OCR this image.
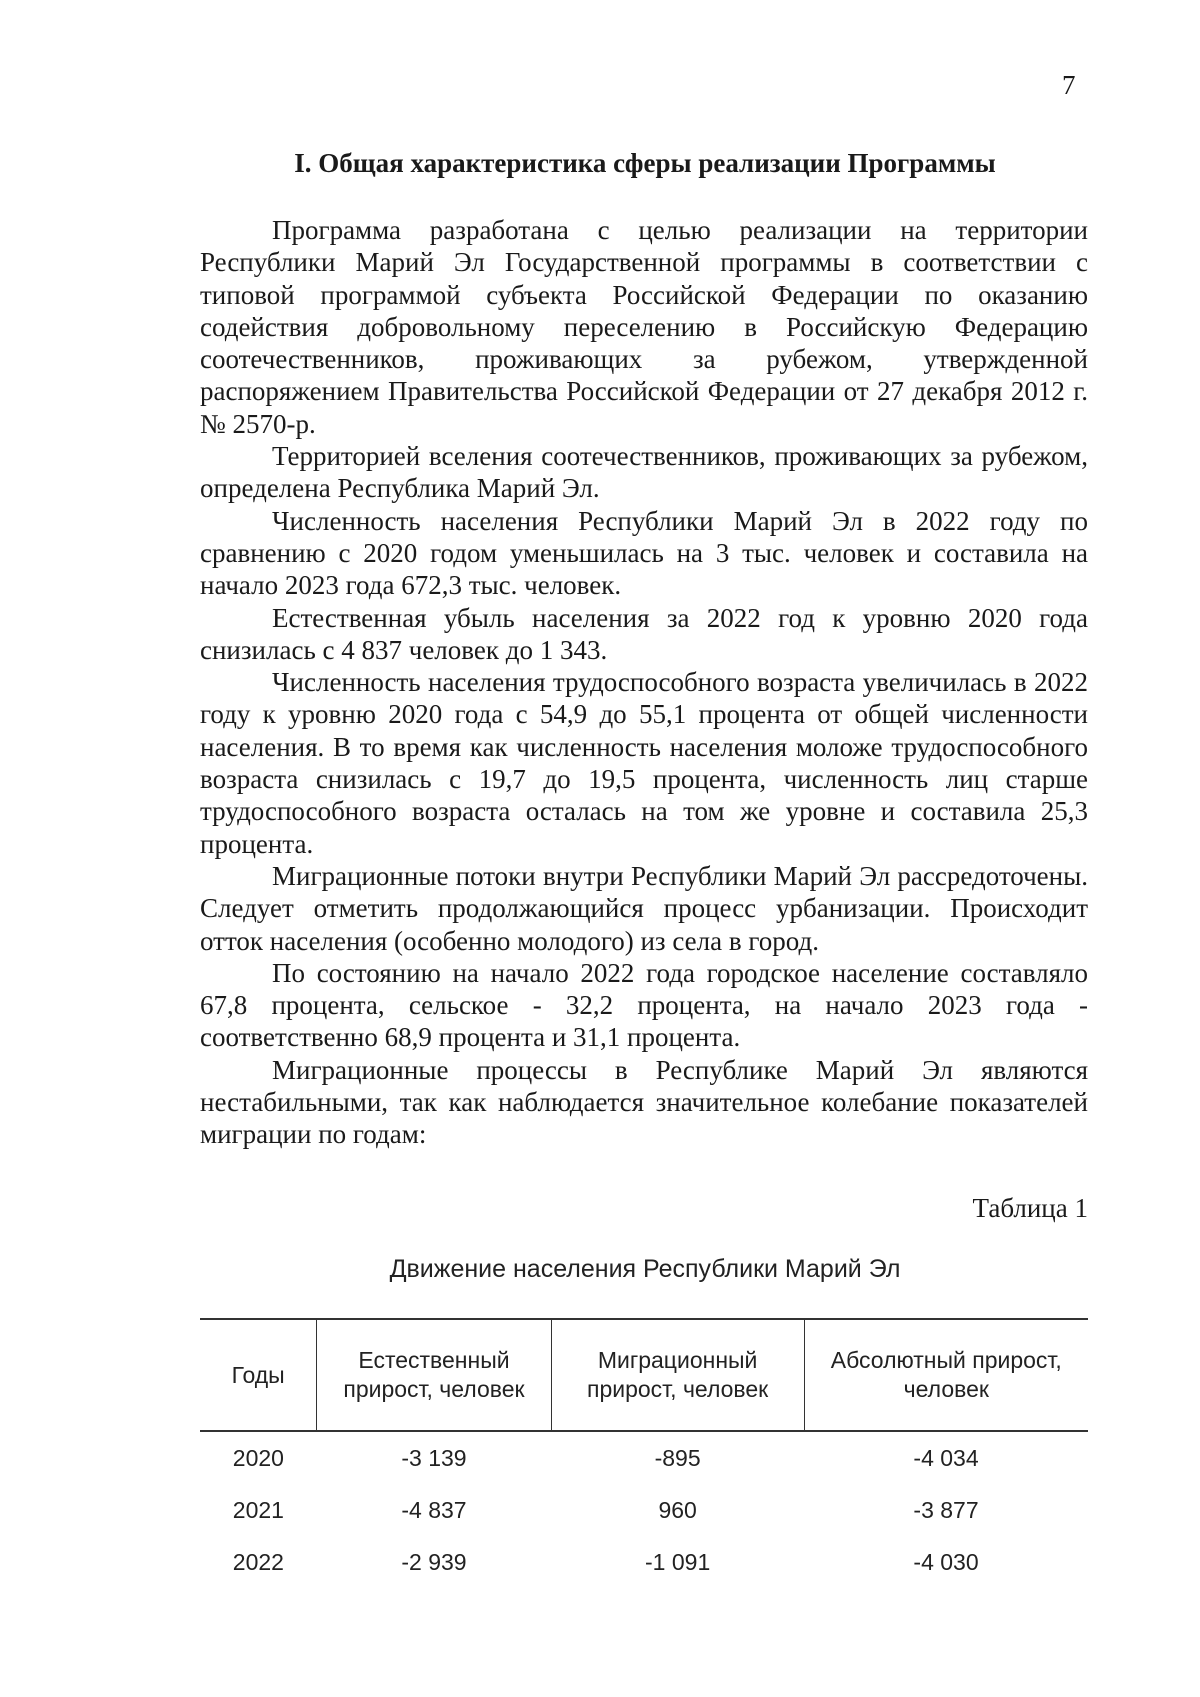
7
I. Общая характеристика сферы реализации Программы

Программа разработана с целью реализации на территории Республики Марий Эл Государственной программы в соответствии с типовой программой субъекта Российской Федерации по оказанию содействия добровольному переселению в Российскую Федерацию соотечественников, проживающих за рубежом, утвержденной распоряжением Правительства Российской Федерации от 27 декабря 2012 г. № 2570-р.

Территорией вселения соотечественников, проживающих за рубежом, определена Республика Марий Эл.

Численность населения Республики Марий Эл в 2022 году по сравнению с 2020 годом уменьшилась на 3 тыс. человек и составила на начало 2023 года 672,3 тыс. человек.

Естественная убыль населения за 2022 год к уровню 2020 года снизилась с 4 837 человек до 1 343.

Численность населения трудоспособного возраста увеличилась в 2022 году к уровню 2020 года с 54,9 до 55,1 процента от общей численности населения. В то время как численность населения моложе трудоспособного возраста снизилась с 19,7 до 19,5 процента, численность лиц старше трудоспособного возраста осталась на том же уровне и составила 25,3 процента.

Миграционные потоки внутри Республики Марий Эл рассредоточены. Следует отметить продолжающийся процесс урбанизации. Происходит отток населения (особенно молодого) из села в город.

По состоянию на начало 2022 года городское население составляло 67,8 процента, сельское - 32,2 процента, на начало 2023 года - соответственно 68,9 процента и 31,1 процента.

Миграционные процессы в Республике Марий Эл являются нестабильными, так как наблюдается значительное колебание показателей миграции по годам:

Таблица 1
Движение населения Республики Марий Эл
Годы	Естественный прирост, человек	Миграционный прирост, человек	Абсолютный прирост, человек
2020	-3 139	-895	-4 034
2021	-4 837	960	-3 877
2022	-2 939	-1 091	-4 030
